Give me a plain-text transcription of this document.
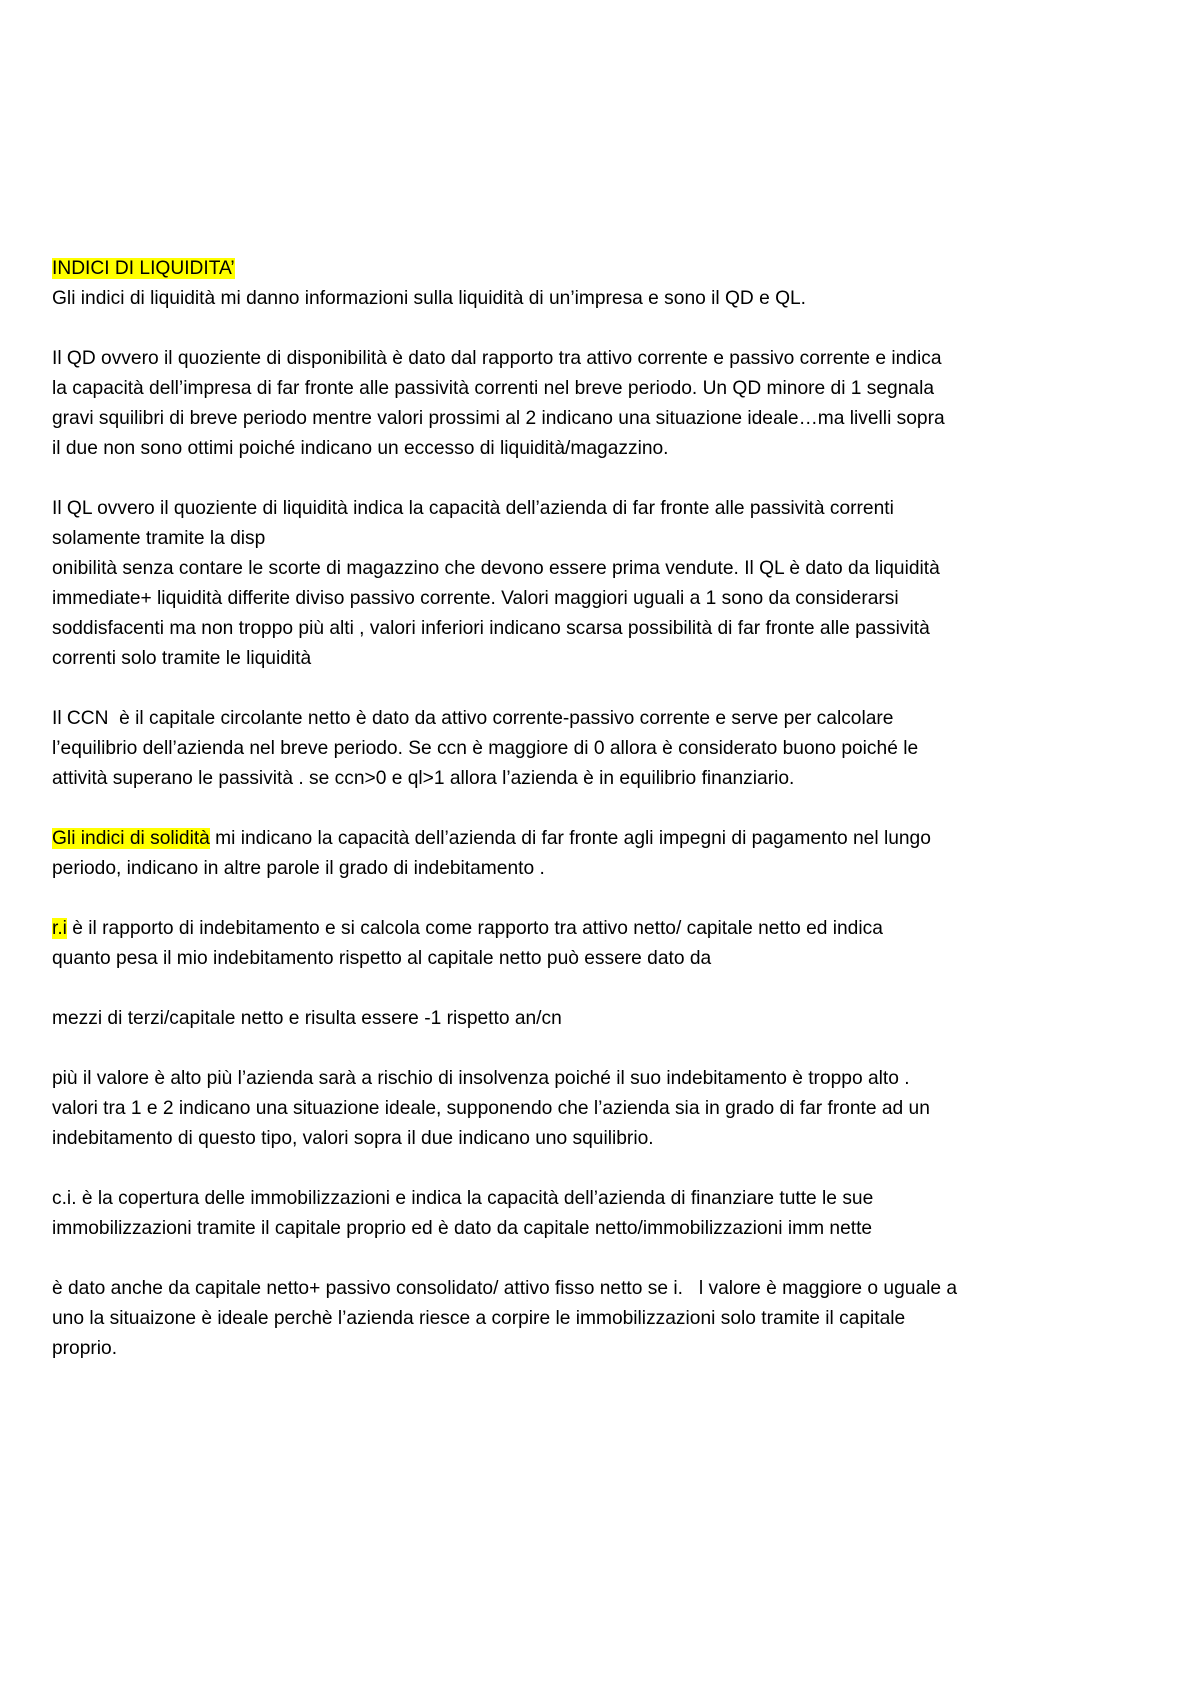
INDICI DI LIQUIDITA’
Gli indici di liquidità mi danno informazioni sulla liquidità di un’impresa e sono il QD e QL.
Il QD ovvero il quoziente di disponibilità è dato dal rapporto tra attivo corrente e passivo corrente e indica
la capacità dell’impresa di far fronte alle passività correnti nel breve periodo. Un QD minore di 1 segnala
gravi squilibri di breve periodo mentre valori prossimi al 2 indicano una situazione ideale…ma livelli sopra
il due non sono ottimi poiché indicano un eccesso di liquidità/magazzino.
Il QL ovvero il quoziente di liquidità indica la capacità dell’azienda di far fronte alle passività correnti
solamente tramite la disp
onibilità senza contare le scorte di magazzino che devono essere prima vendute. Il QL è dato da liquidità
immediate+ liquidità differite diviso passivo corrente. Valori maggiori uguali a 1 sono da considerarsi
soddisfacenti ma non troppo più alti , valori inferiori indicano scarsa possibilità di far fronte alle passività
correnti solo tramite le liquidità
Il CCN  è il capitale circolante netto è dato da attivo corrente-passivo corrente e serve per calcolare
l’equilibrio dell’azienda nel breve periodo. Se ccn è maggiore di 0 allora è considerato buono poiché le
attività superano le passività . se ccn>0 e ql>1 allora l’azienda è in equilibrio finanziario.
Gli indici di solidità mi indicano la capacità dell’azienda di far fronte agli impegni di pagamento nel lungo
periodo, indicano in altre parole il grado di indebitamento .
r.i è il rapporto di indebitamento e si calcola come rapporto tra attivo netto/ capitale netto ed indica
quanto pesa il mio indebitamento rispetto al capitale netto può essere dato da
mezzi di terzi/capitale netto e risulta essere -1 rispetto an/cn
più il valore è alto più l’azienda sarà a rischio di insolvenza poiché il suo indebitamento è troppo alto .
valori tra 1 e 2 indicano una situazione ideale, supponendo che l’azienda sia in grado di far fronte ad un
indebitamento di questo tipo, valori sopra il due indicano uno squilibrio.
c.i. è la copertura delle immobilizzazioni e indica la capacità dell’azienda di finanziare tutte le sue
immobilizzazioni tramite il capitale proprio ed è dato da capitale netto/immobilizzazioni imm nette
è dato anche da capitale netto+ passivo consolidato/ attivo fisso netto se i.   l valore è maggiore o uguale a
uno la situaizone è ideale perchè l’azienda riesce a corpire le immobilizzazioni solo tramite il capitale
proprio.
